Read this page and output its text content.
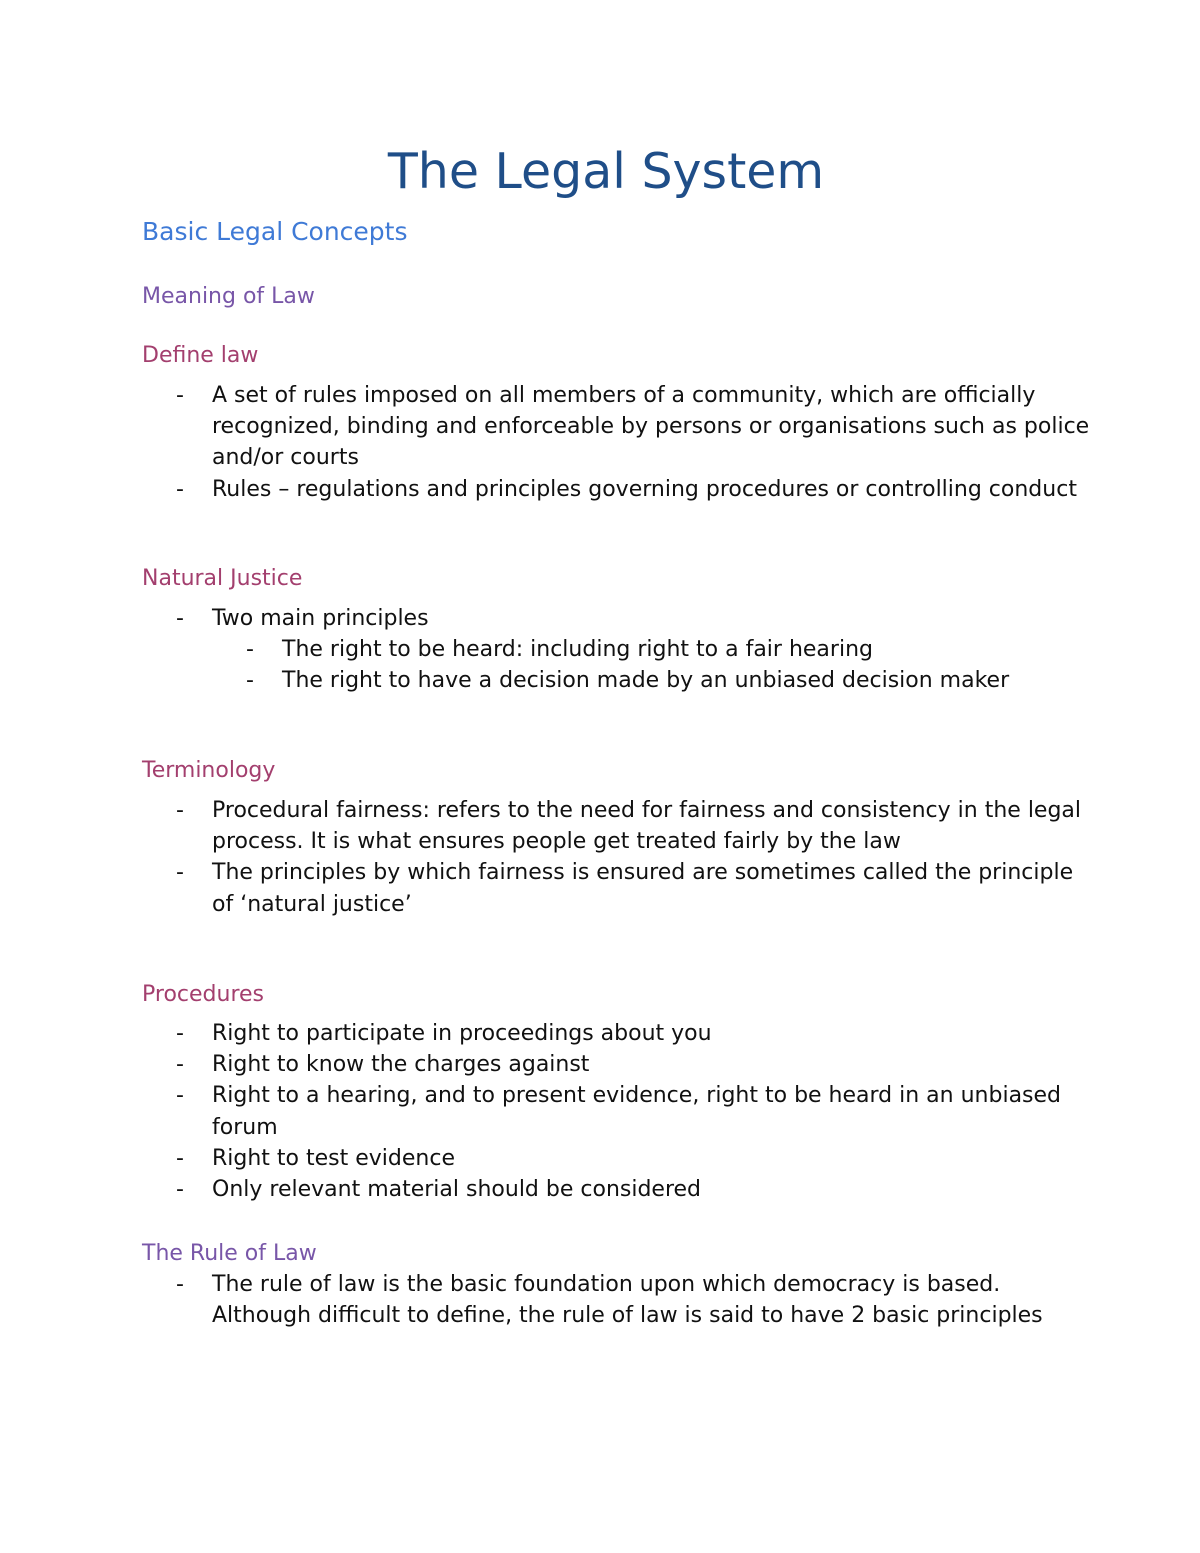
The Legal System
Basic Legal Concepts
Meaning of Law
Define law
- A set of rules imposed on all members of a community, which are officially recognized, binding and enforceable by persons or organisations such as police and/or courts
- Rules – regulations and principles governing procedures or controlling conduct
Natural Justice
- Two main principles
- The right to be heard: including right to a fair hearing
- The right to have a decision made by an unbiased decision maker
Terminology
- Procedural fairness: refers to the need for fairness and consistency in the legal process. It is what ensures people get treated fairly by the law
- The principles by which fairness is ensured are sometimes called the principle of ‘natural justice’
Procedures
- Right to participate in proceedings about you
- Right to know the charges against
- Right to a hearing, and to present evidence, right to be heard in an unbiased forum
- Right to test evidence
- Only relevant material should be considered
The Rule of Law
- The rule of law is the basic foundation upon which democracy is based. Although difficult to define, the rule of law is said to have 2 basic principles
